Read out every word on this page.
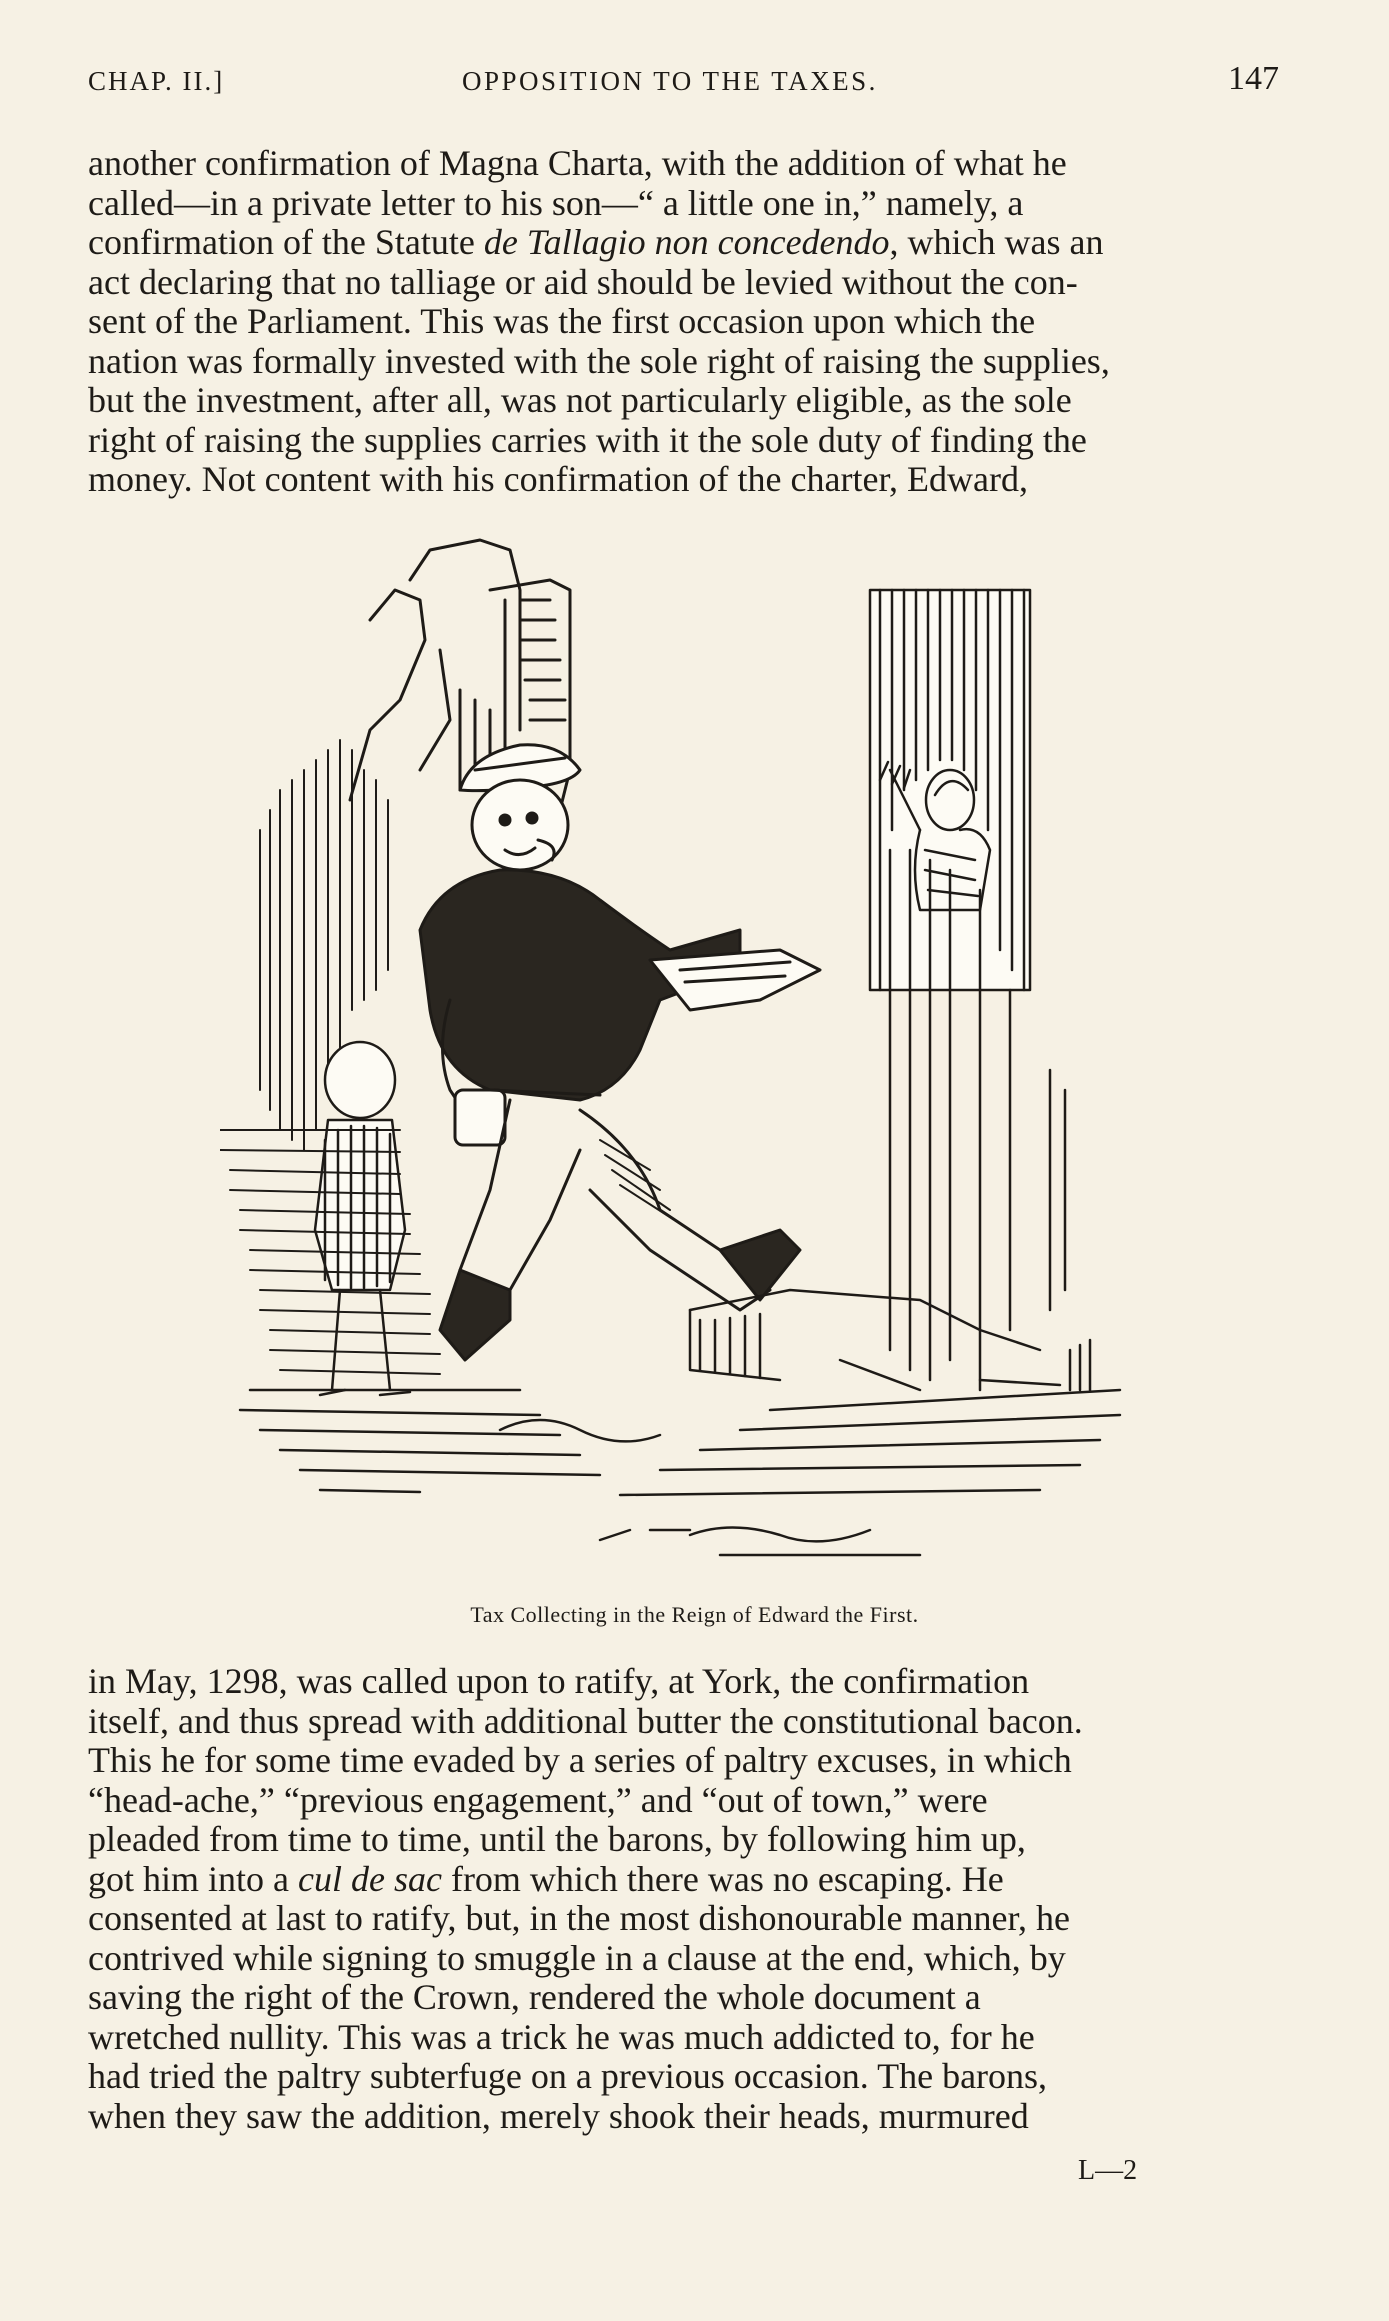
CHAP. II.]	OPPOSITION TO THE TAXES.	147
another confirmation of Magna Charta, with the addition of what he
called—in a private letter to his son—“ a little one in,” namely, a
confirmation of the Statute de Tallagio non concedendo, which was an
act declaring that no talliage or aid should be levied without the con-
sent of the Parliament. This was the first occasion upon which the
nation was formally invested with the sole right of raising the supplies,
but the investment, after all, was not particularly eligible, as the sole
right of raising the supplies carries with it the sole duty of finding the
money. Not content with his confirmation of the charter, Edward,
Tax Collecting in the Reign of Edward the First.
in May, 1298, was called upon to ratify, at York, the confirmation
itself, and thus spread with additional butter the constitutional bacon.
This he for some time evaded by a series of paltry excuses, in which
“head-ache,” “previous engagement,” and “out of town,” were
pleaded from time to time, until the barons, by following him up,
got him into a cul de sac from which there was no escaping. He
consented at last to ratify, but, in the most dishonourable manner, he
contrived while signing to smuggle in a clause at the end, which, by
saving the right of the Crown, rendered the whole document a
wretched nullity. This was a trick he was much addicted to, for he
had tried the paltry subterfuge on a previous occasion. The barons,
when they saw the addition, merely shook their heads, murmured
L—2
